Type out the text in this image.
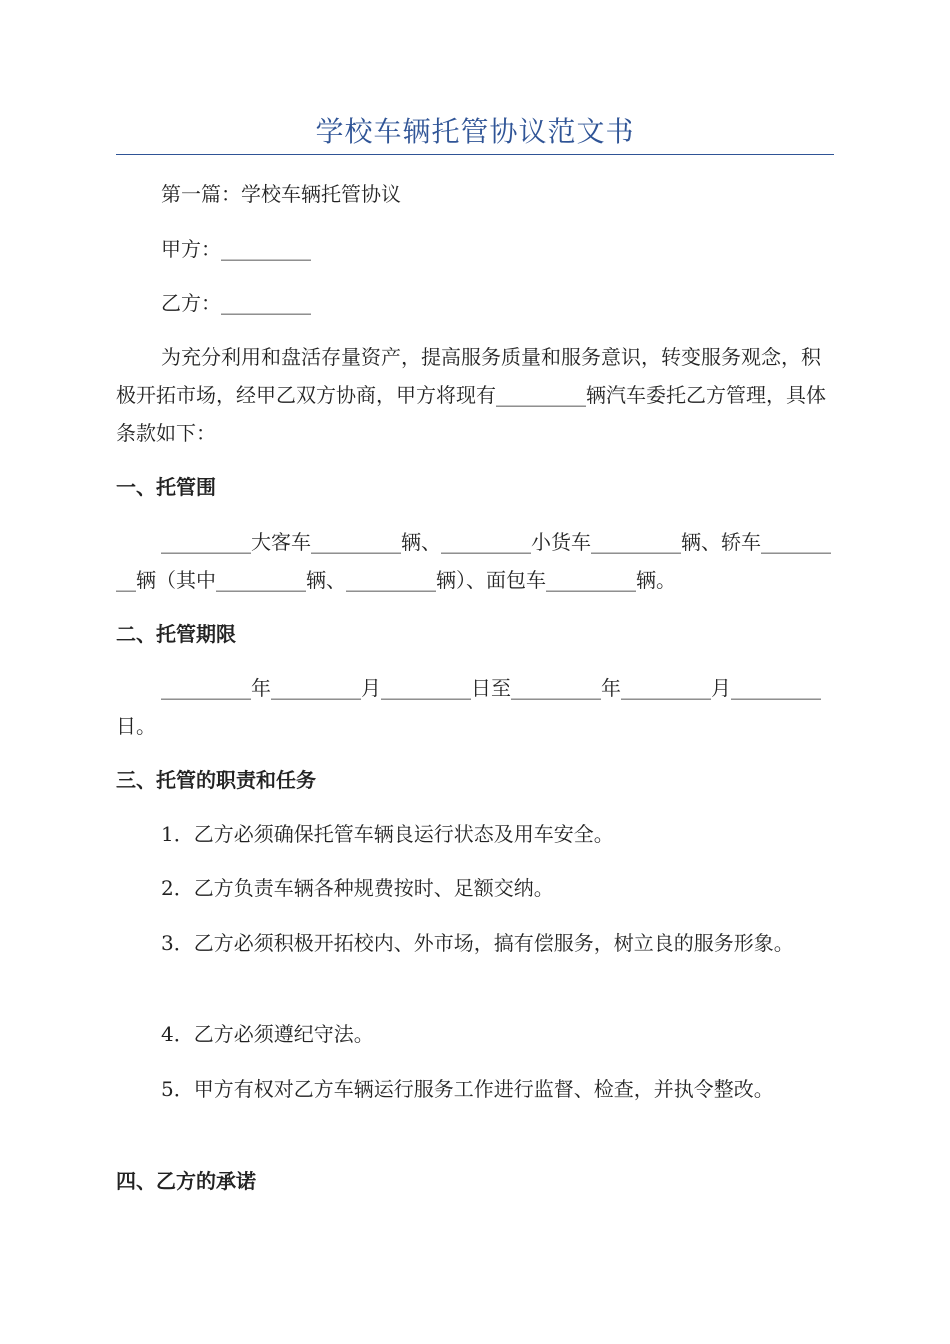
学校车辆托管协议范文书

第一篇：学校车辆托管协议

甲方：_________

乙方：_________

为充分利用和盘活存量资产，提高服务质量和服务意识，转变服务观念，积极开拓市场，经甲乙双方协商，甲方将现有_________辆汽车委托乙方管理，具体条款如下：

一、托管围

_________大客车_________辆、_________小货车_________辆、轿车_________辆（其中_________辆、_________辆）、面包车_________辆。

二、托管期限

_________年_________月_________日至_________年_________月_________日。

三、托管的职责和任务

1．乙方必须确保托管车辆良运行状态及用车安全。

2．乙方负责车辆各种规费按时、足额交纳。

3．乙方必须积极开拓校内、外市场，搞有偿服务，树立良的服务形象。

4．乙方必须遵纪守法。

5．甲方有权对乙方车辆运行服务工作进行监督、检查，并执令整改。

四、乙方的承诺
